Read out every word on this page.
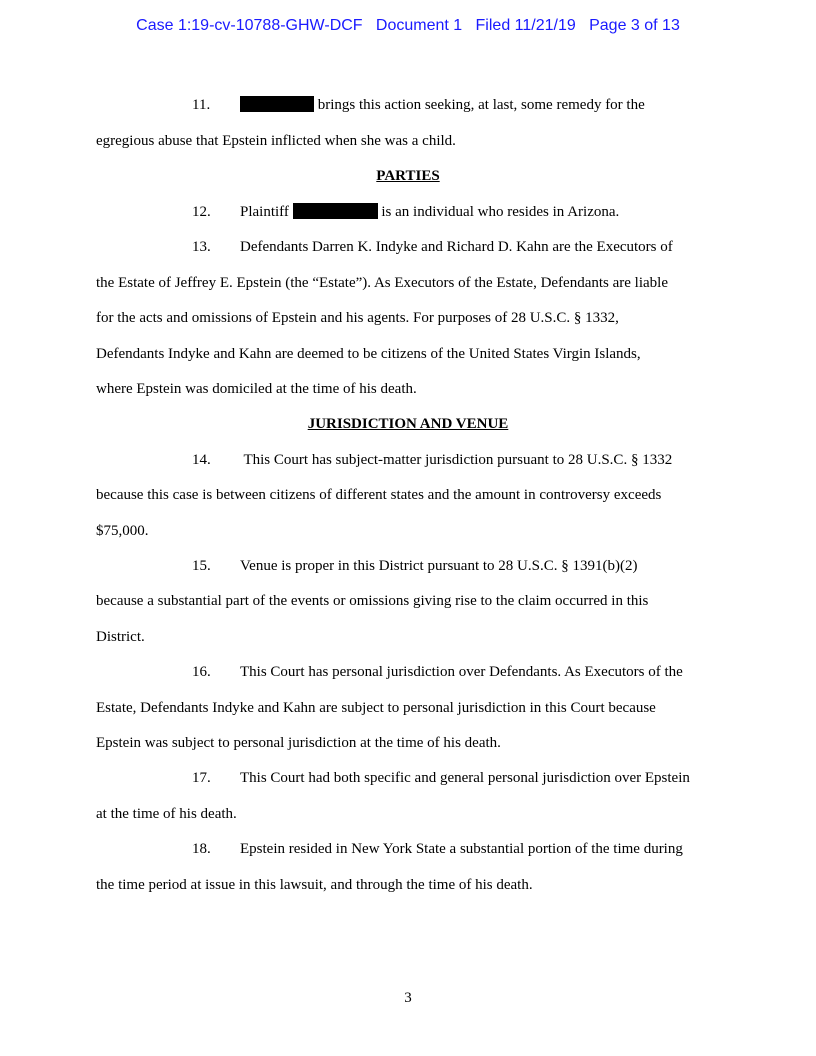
Case 1:19-cv-10788-GHW-DCF Document 1 Filed 11/21/19 Page 3 of 13
11.	brings this action seeking, at last, some remedy for the
egregious abuse that Epstein inflicted when she was a child.
PARTIES
12. Plaintiff	is an individual who resides in Arizona.
13. Defendants Darren K. Indyke and Richard D. Kahn are the Executors of
the Estate of Jeffrey E. Epstein (the “Estate”). As Executors of the Estate, Defendants are liable
for the acts and omissions of Epstein and his agents. For purposes of 28 U.S.C. § 1332,
Defendants Indyke and Kahn are deemed to be citizens of the United States Virgin Islands,
where Epstein was domiciled at the time of his death.
JURISDICTION AND VENUE
14. This Court has subject-matter jurisdiction pursuant to 28 U.S.C. § 1332
because this case is between citizens of different states and the amount in controversy exceeds
$75,000.
15. Venue is proper in this District pursuant to 28 U.S.C. § 1391(b)(2)
because a substantial part of the events or omissions giving rise to the claim occurred in this
District.
16. This Court has personal jurisdiction over Defendants. As Executors of the
Estate, Defendants Indyke and Kahn are subject to personal jurisdiction in this Court because
Epstein was subject to personal jurisdiction at the time of his death.
17. This Court had both specific and general personal jurisdiction over Epstein
at the time of his death.
18. Epstein resided in New York State a substantial portion of the time during
the time period at issue in this lawsuit, and through the time of his death.
3
